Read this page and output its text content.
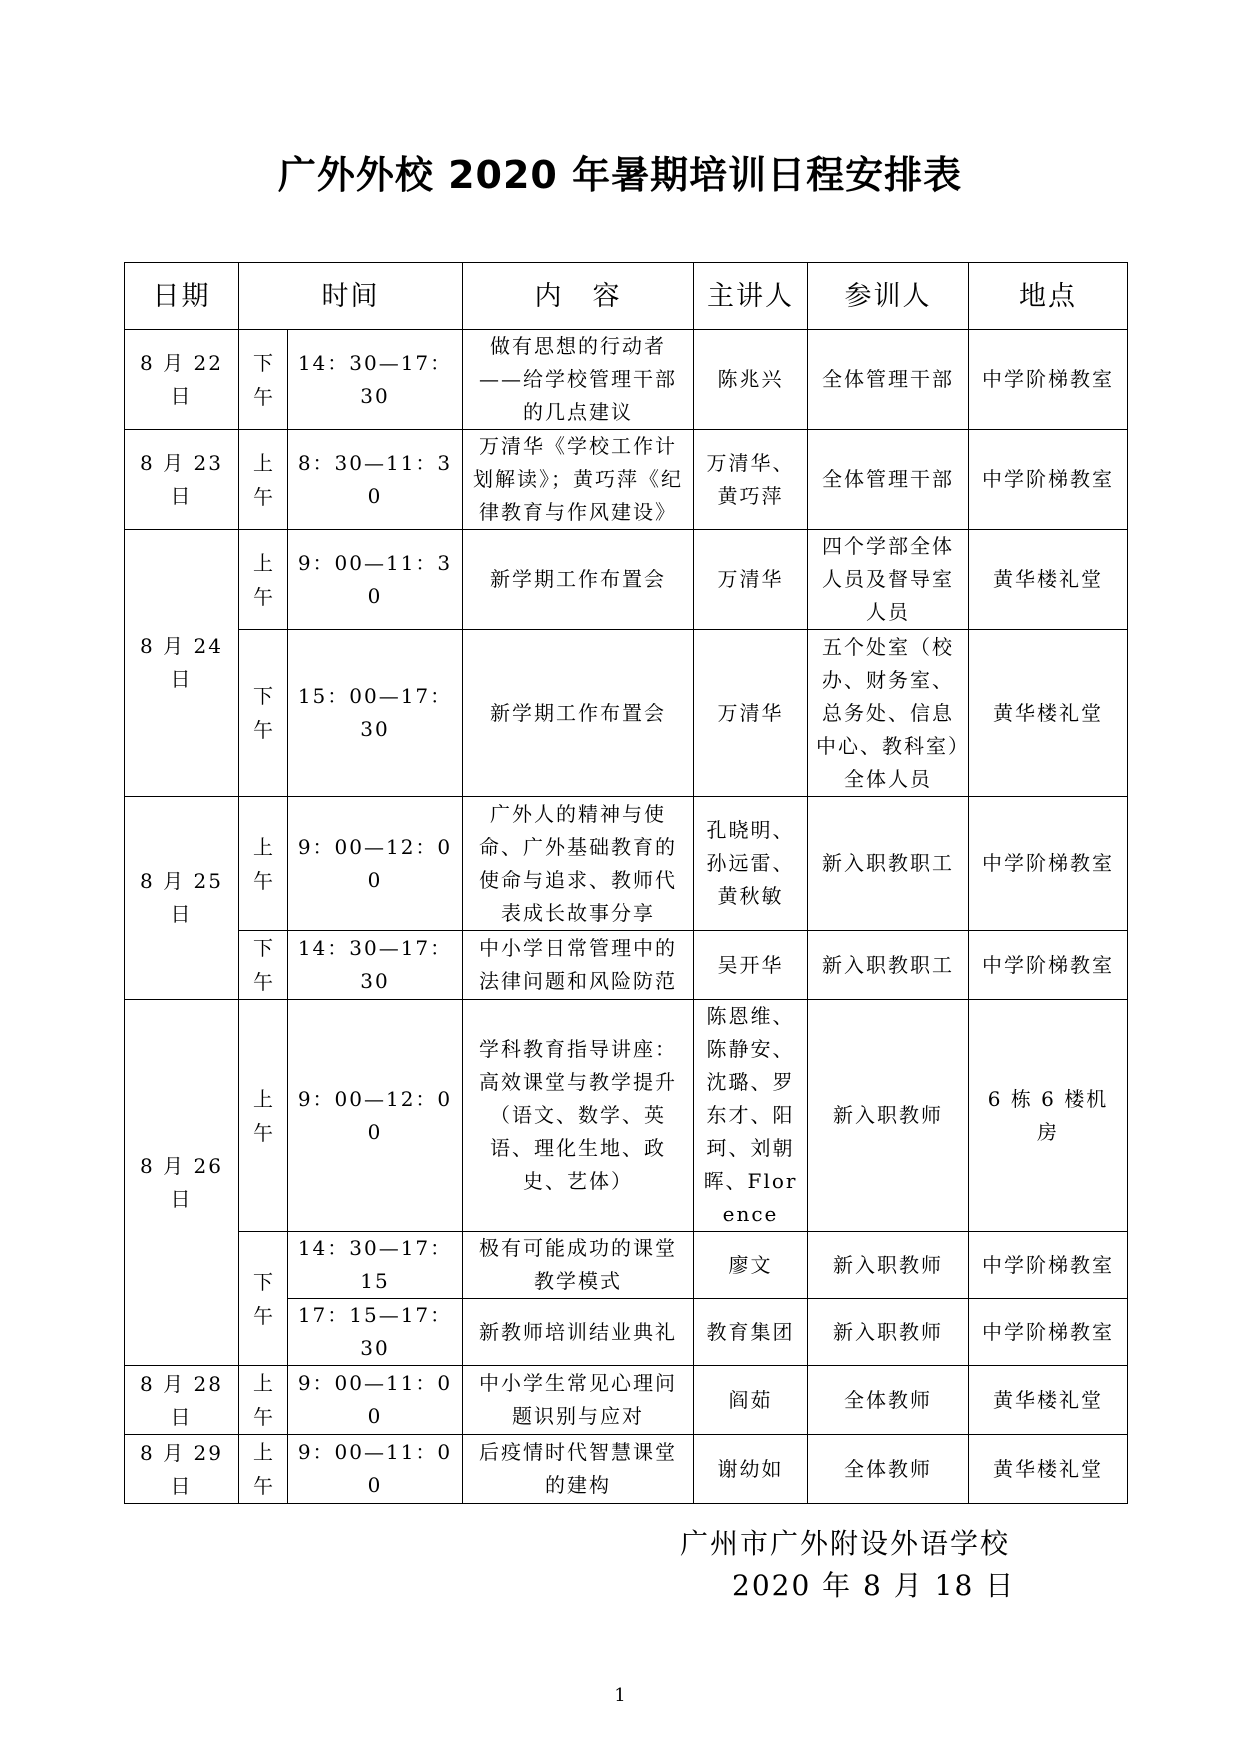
广外外校 2020 年暑期培训日程安排表
日期	时间		内　容	主讲人	参训人	地点
8 月 22 日	下午	14：30—17：30	做有思想的行动者——给学校管理干部的几点建议	陈兆兴	全体管理干部	中学阶梯教室
8 月 23 日	上午	8：30—11：30	万清华《学校工作计划解读》；黄巧萍《纪律教育与作风建设》	万清华、黄巧萍	全体管理干部	中学阶梯教室
8 月 24 日	上午	9：00—11：30	新学期工作布置会	万清华	四个学部全体人员及督导室人员	黄华楼礼堂
	下午	15：00—17：30	新学期工作布置会	万清华	五个处室（校办、财务室、总务处、信息中心、教科室）全体人员	黄华楼礼堂
8 月 25 日	上午	9：00—12：00	广外人的精神与使命、广外基础教育的使命与追求、教师代表成长故事分享	孔晓明、孙远雷、黄秋敏	新入职教职工	中学阶梯教室
	下午	14：30—17：30	中小学日常管理中的法律问题和风险防范	吴开华	新入职教职工	中学阶梯教室
8 月 26 日	上午	9：00—12：00	学科教育指导讲座：高效课堂与教学提升（语文、数学、英语、理化生地、政史、艺体）	陈恩维、陈静安、沈璐、罗东才、阳珂、刘朝晖、Florence	新入职教师	6 栋 6 楼机房
	下午	14：30—17：15	极有可能成功的课堂教学模式	廖文	新入职教师	中学阶梯教室
		17：15—17：30	新教师培训结业典礼	教育集团	新入职教师	中学阶梯教室
8 月 28 日	上午	9：00—11：00	中小学生常见心理问题识别与应对	阎茹	全体教师	黄华楼礼堂
8 月 29 日	上午	9：00—11：00	后疫情时代智慧课堂的建构	谢幼如	全体教师	黄华楼礼堂
广州市广外附设外语学校
2020 年 8 月 18 日
1
